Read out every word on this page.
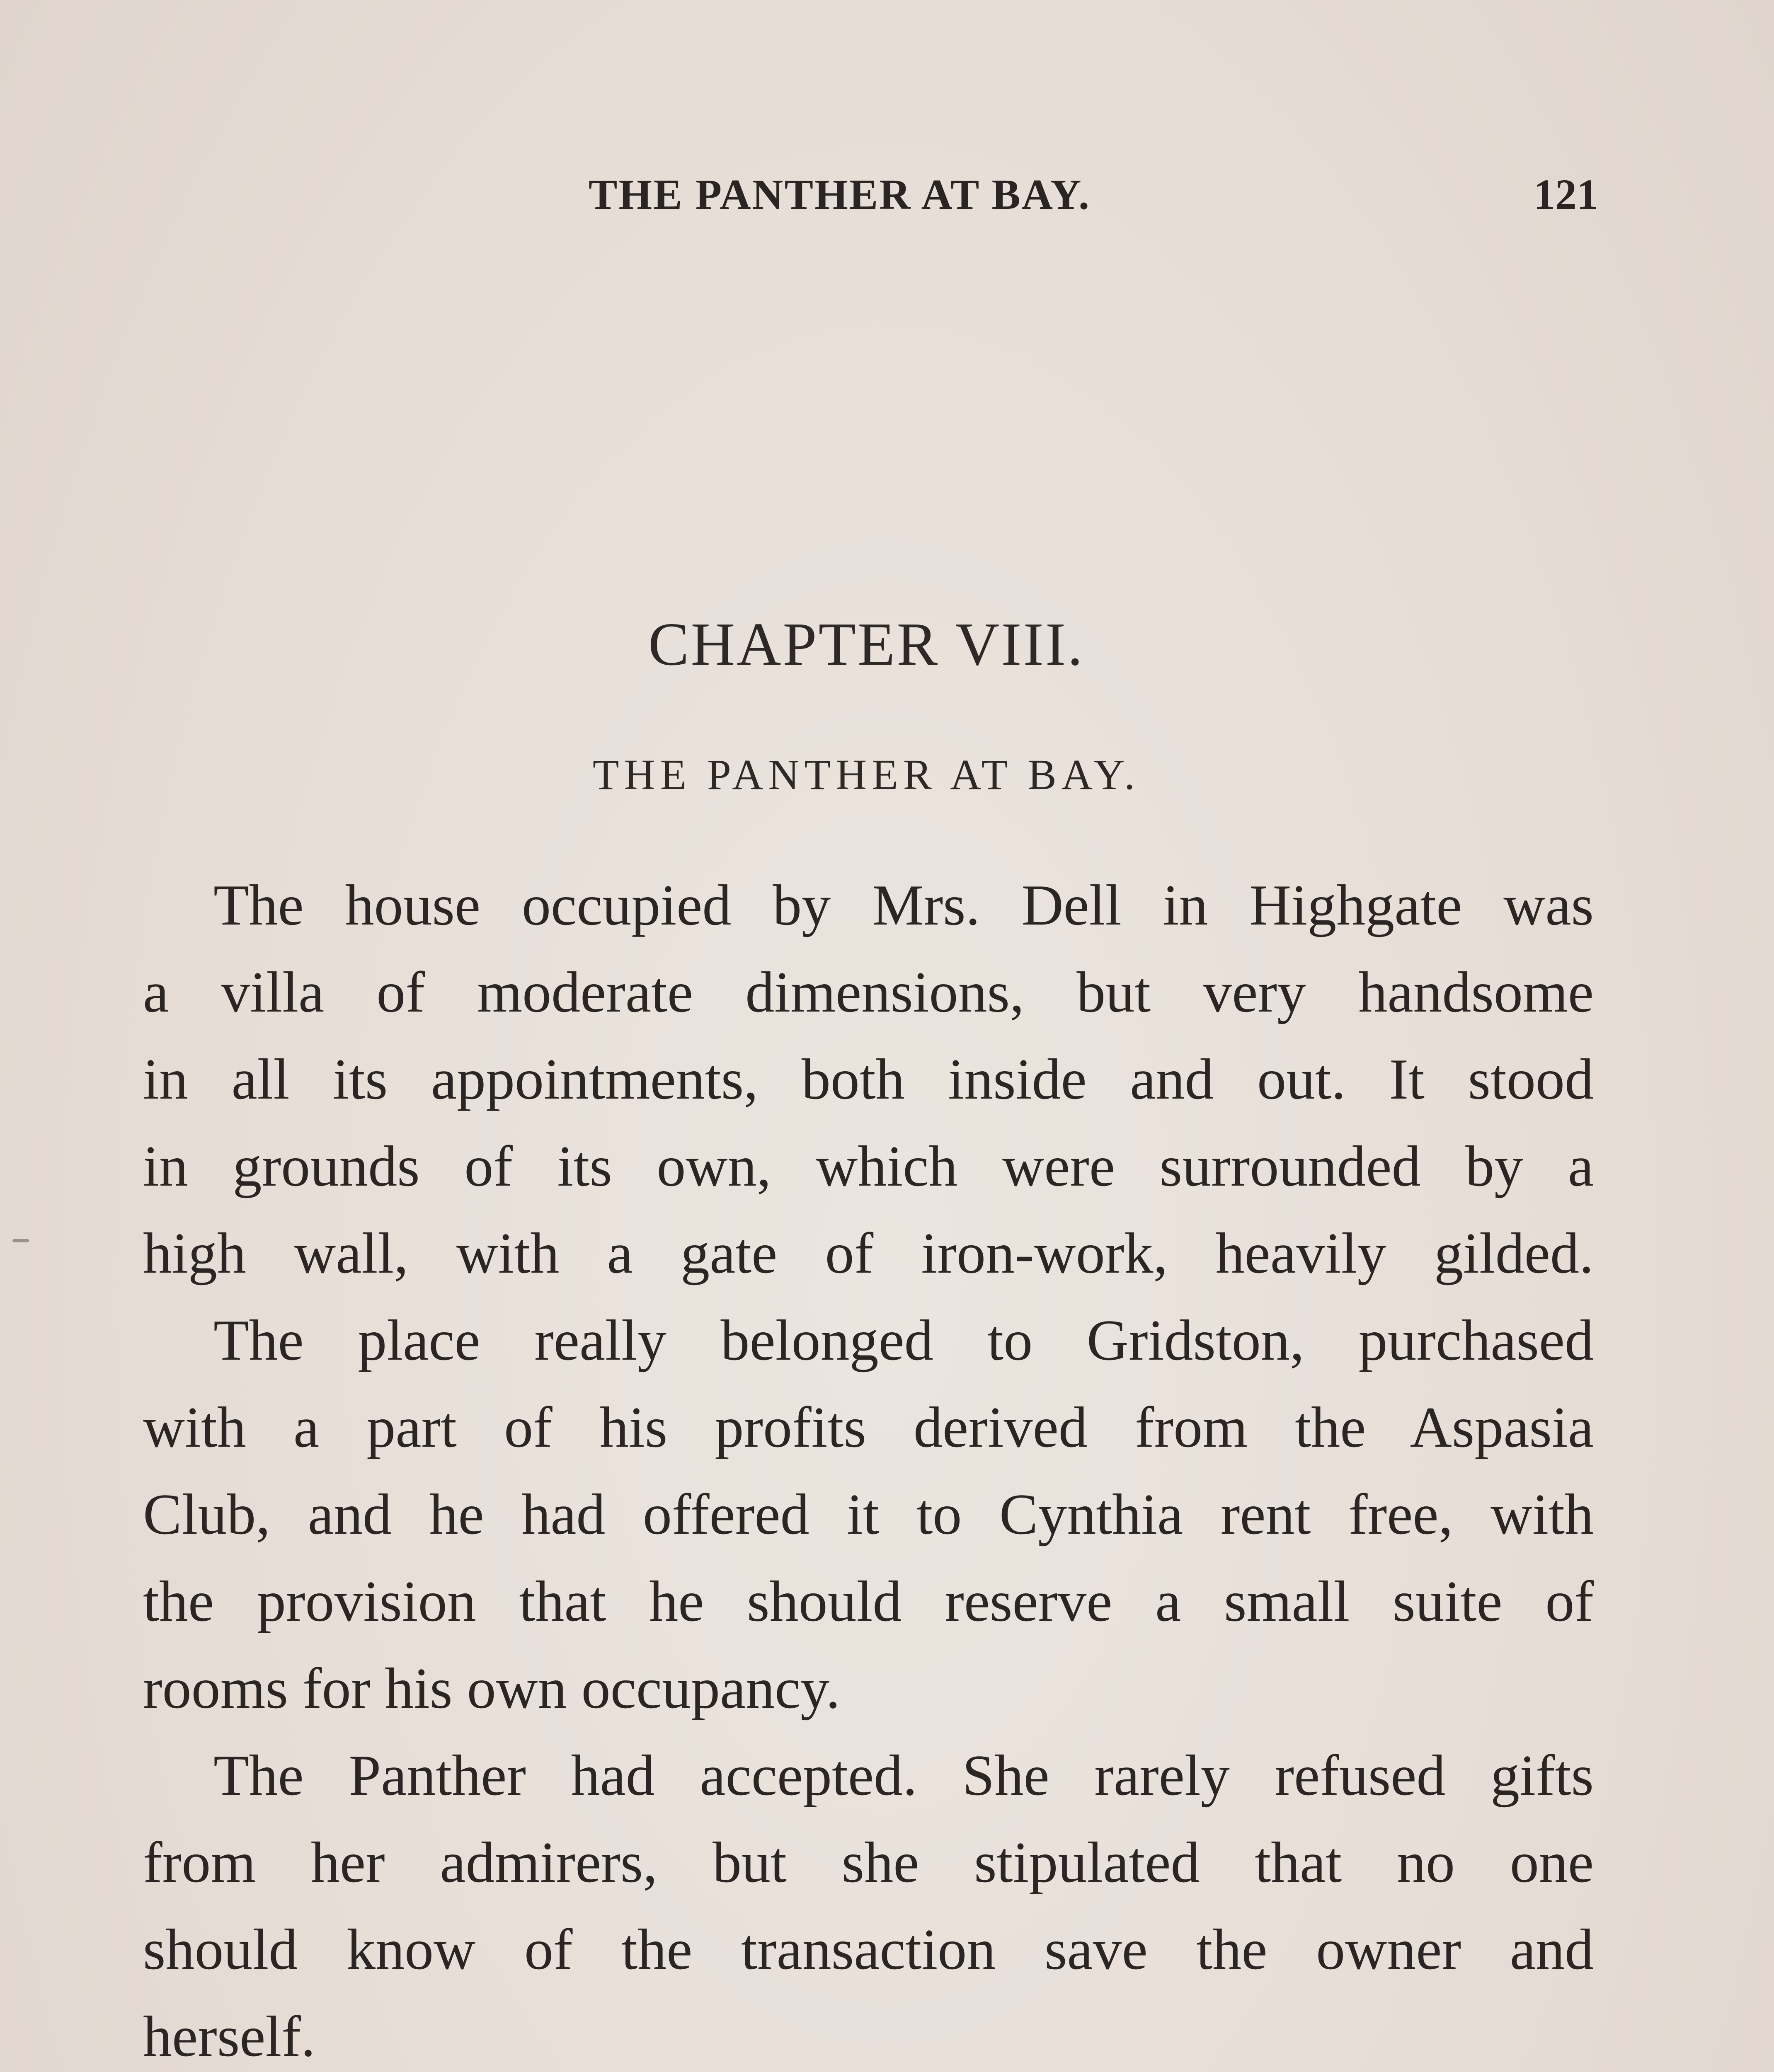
THE PANTHER AT BAY.	121
CHAPTER VIII.
THE PANTHER AT BAY.
The house occupied by Mrs. Dell in Highgate was
a villa of moderate dimensions, but very handsome
in all its appointments, both inside and out. It stood
in grounds of its own, which were surrounded by a
high wall, with a gate of iron-work, heavily gilded.
The place really belonged to Gridston, purchased
with a part of his profits derived from the Aspasia
Club, and he had offered it to Cynthia rent free, with
the provision that he should reserve a small suite of
rooms for his own occupancy.
The Panther had accepted. She rarely refused gifts
from her admirers, but she stipulated that no one
should know of the transaction save the owner and
herself.
